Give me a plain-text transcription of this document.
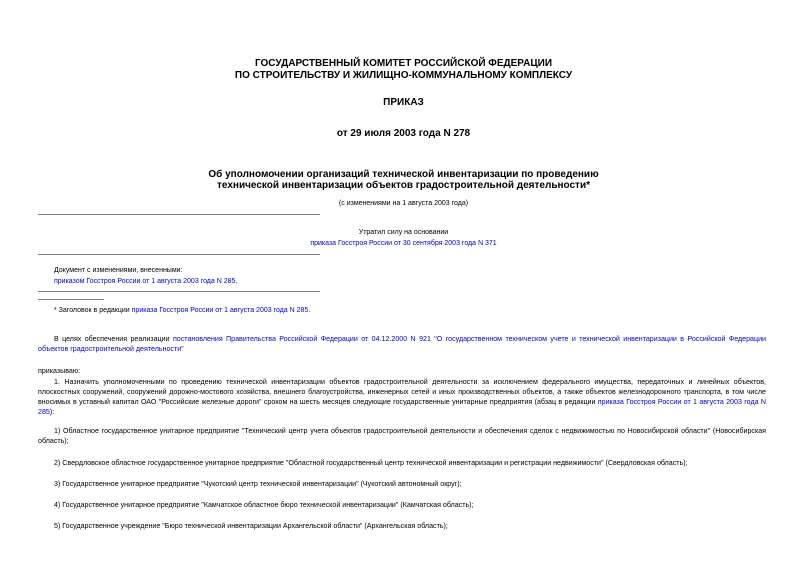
ГОСУДАРСТВЕННЫЙ КОМИТЕТ РОССИЙСКОЙ ФЕДЕРАЦИИ
ПО СТРОИТЕЛЬСТВУ И ЖИЛИЩНО-КОММУНАЛЬНОМУ КОМПЛЕКСУ
ПРИКАЗ
от 29 июля 2003 года N 278
Об уполномочении организаций технической инвентаризации по проведению
технической инвентаризации объектов градостроительной деятельности*
(с изменениями на 1 августа 2003 года)
Утратил силу на основании
приказа Госстроя России от 30 сентября 2003 года N 371
Документ с изменениями, внесенными:
приказом Госстроя России от 1 августа 2003 года N 285.
* Заголовок в редакции приказа Госстроя России от 1 августа 2003 года N 285.
В целях обеспечения реализации постановления Правительства Российской Федерации от 04.12.2000 N 921 "О государственном техническом учете и технической инвентаризации в Российской Федерации объектов градостроительной деятельности"
приказываю:
1. Назначить уполномоченными по проведению технической инвентаризации объектов градостроительной деятельности за исключением федерального имущества, передаточных и линейных объектов, плоскостных сооружений, сооружений дорожно-мостового хозяйства, внешнего благоустройства, инженерных сетей и иных производственных объектов, а также объектов железнодорожного транспорта, в том числе вносимых в уставный капитал ОАО "Российские железные дороги" сроком на шесть месяцев следующие государственные унитарные предприятия (абзац в редакции приказа Госстроя России от 1 августа 2003 года N 285):
1) Областное государственное унитарное предприятие "Технический центр учета объектов градостроительной деятельности и обеспечения сделок с недвижимостью по Новосибирской области" (Новосибирская область);
2) Свердловское областное государственное унитарное предприятие "Областной государственный центр технической инвентаризации и регистрации недвижимости" (Свердловская область);
3) Государственное унитарное предприятие "Чукотский центр технической инвентаризации" (Чукотский автономный округ);
4) Государственное унитарное предприятие "Камчатское областное бюро технической инвентаризации" (Камчатская область);
5) Государственное учреждение "Бюро технической инвентаризации Архангельской области" (Архангельская область);
